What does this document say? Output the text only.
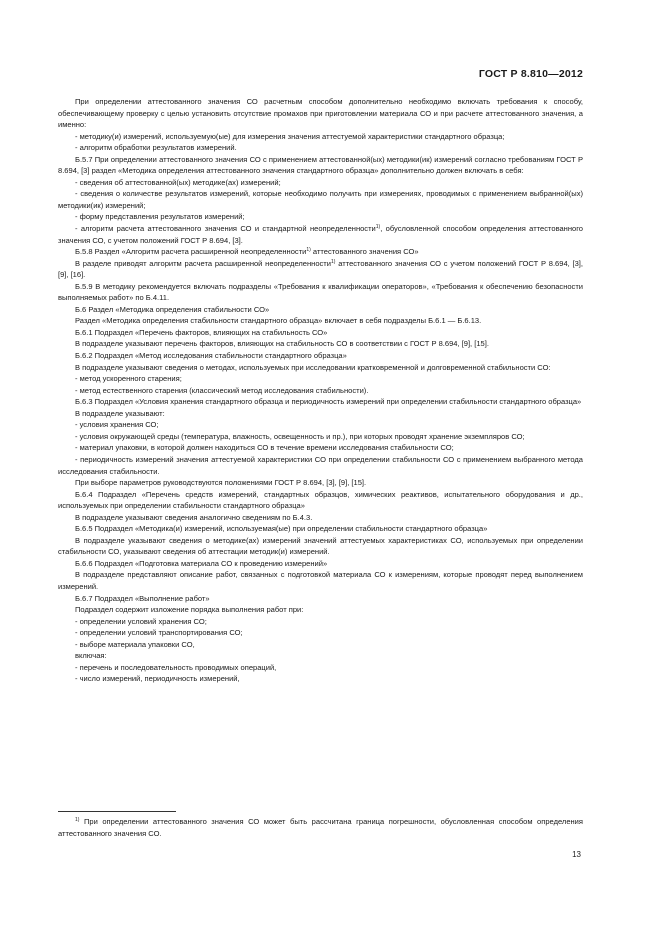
ГОСТ Р 8.810—2012

При определении аттестованного значения СО расчетным способом дополнительно необходимо включать требования к способу, обеспечивающему проверку с целью установить отсутствие промахов при приготовлении материала СО и при расчете аттестованного значения, а именно:

- методику(и) измерений, используемую(ые) для измерения значения аттестуемой характеристики стандартного образца;

- алгоритм обработки результатов измерений.

Б.5.7 При определении аттестованного значения СО с применением аттестованной(ых) методики(ик) измерений согласно требованиям ГОСТ Р 8.694, [3] раздел «Методика определения аттестованного значения стандартного образца» дополнительно должен включать в себя:

- сведения об аттестованной(ых) методике(ах) измерений;

- сведения о количестве результатов измерений, которые необходимо получить при измерениях, проводимых с применением выбранной(ых) методики(ик) измерений;

- форму представления результатов измерений;

- алгоритм расчета аттестованного значения СО и стандартной неопределенности$^{1)}$, обусловленной способом определения аттестованного значения СО, с учетом положений ГОСТ Р 8.694, [3].

Б.5.8 Раздел «Алгоритм расчета расширенной неопределенности$^{1)}$ аттестованного значения СО»

В разделе приводят алгоритм расчета расширенной неопределенности$^{1)}$ аттестованного значения СО с учетом положений ГОСТ Р 8.694, [3], [9], [16].

Б.5.9 В методику рекомендуется включать подразделы «Требования к квалификации операторов», «Требования к обеспечению безопасности выполняемых работ» по Б.4.11.

Б.6 Раздел «Методика определения стабильности СО»

Раздел «Методика определения стабильности стандартного образца» включает в себя подразделы Б.6.1 — Б.6.13.

Б.6.1 Подраздел «Перечень факторов, влияющих на стабильность СО»

В подразделе указывают перечень факторов, влияющих на стабильность СО в соответствии с ГОСТ Р 8.694, [9], [15].

Б.6.2 Подраздел «Метод исследования стабильности стандартного образца»

В подразделе указывают сведения о методах, используемых при исследовании кратковременной и долговременной стабильности СО:

- метод ускоренного старения;

- метод естественного старения (классический метод исследования стабильности).

Б.6.3 Подраздел «Условия хранения стандартного образца и периодичность измерений при определении стабильности стандартного образца»

В подразделе указывают:

- условия хранения СО;

- условия окружающей среды (температура, влажность, освещенность и пр.), при которых проводят хранение экземпляров СО;

- материал упаковки, в которой должен находиться СО в течение времени исследования стабильности СО;

- периодичность измерений значения аттестуемой характеристики СО при определении стабильности СО с применением выбранного метода исследования стабильности.

При выборе параметров руководствуются положениями ГОСТ Р 8.694, [3], [9], [15].

Б.6.4 Подраздел «Перечень средств измерений, стандартных образцов, химических реактивов, испытательного оборудования и др., используемых при определении стабильности стандартного образца»

В подразделе указывают сведения аналогично сведениям по Б.4.3.

Б.6.5 Подраздел «Методика(и) измерений, используемая(ые) при определении стабильности стандартного образца»

В подразделе указывают сведения о методике(ах) измерений значений аттестуемых характеристиках СО, используемых при определении стабильности СО, указывают сведения об аттестации методик(и) измерений.

Б.6.6 Подраздел «Подготовка материала СО к проведению измерений»

В подразделе представляют описание работ, связанных с подготовкой материала СО к измерениям, которые проводят перед выполнением измерений.

Б.6.7 Подраздел «Выполнение работ»

Подраздел содержит изложение порядка выполнения работ при:

- определении условий хранения СО;

- определении условий транспортирования СО;

- выборе материала упаковки СО,

включая:

- перечень и последовательность проводимых операций,

- число измерений, периодичность измерений,

$^{1)}$ При определении аттестованного значения СО может быть рассчитана граница погрешности, обусловленная способом определения аттестованного значения СО.

13
